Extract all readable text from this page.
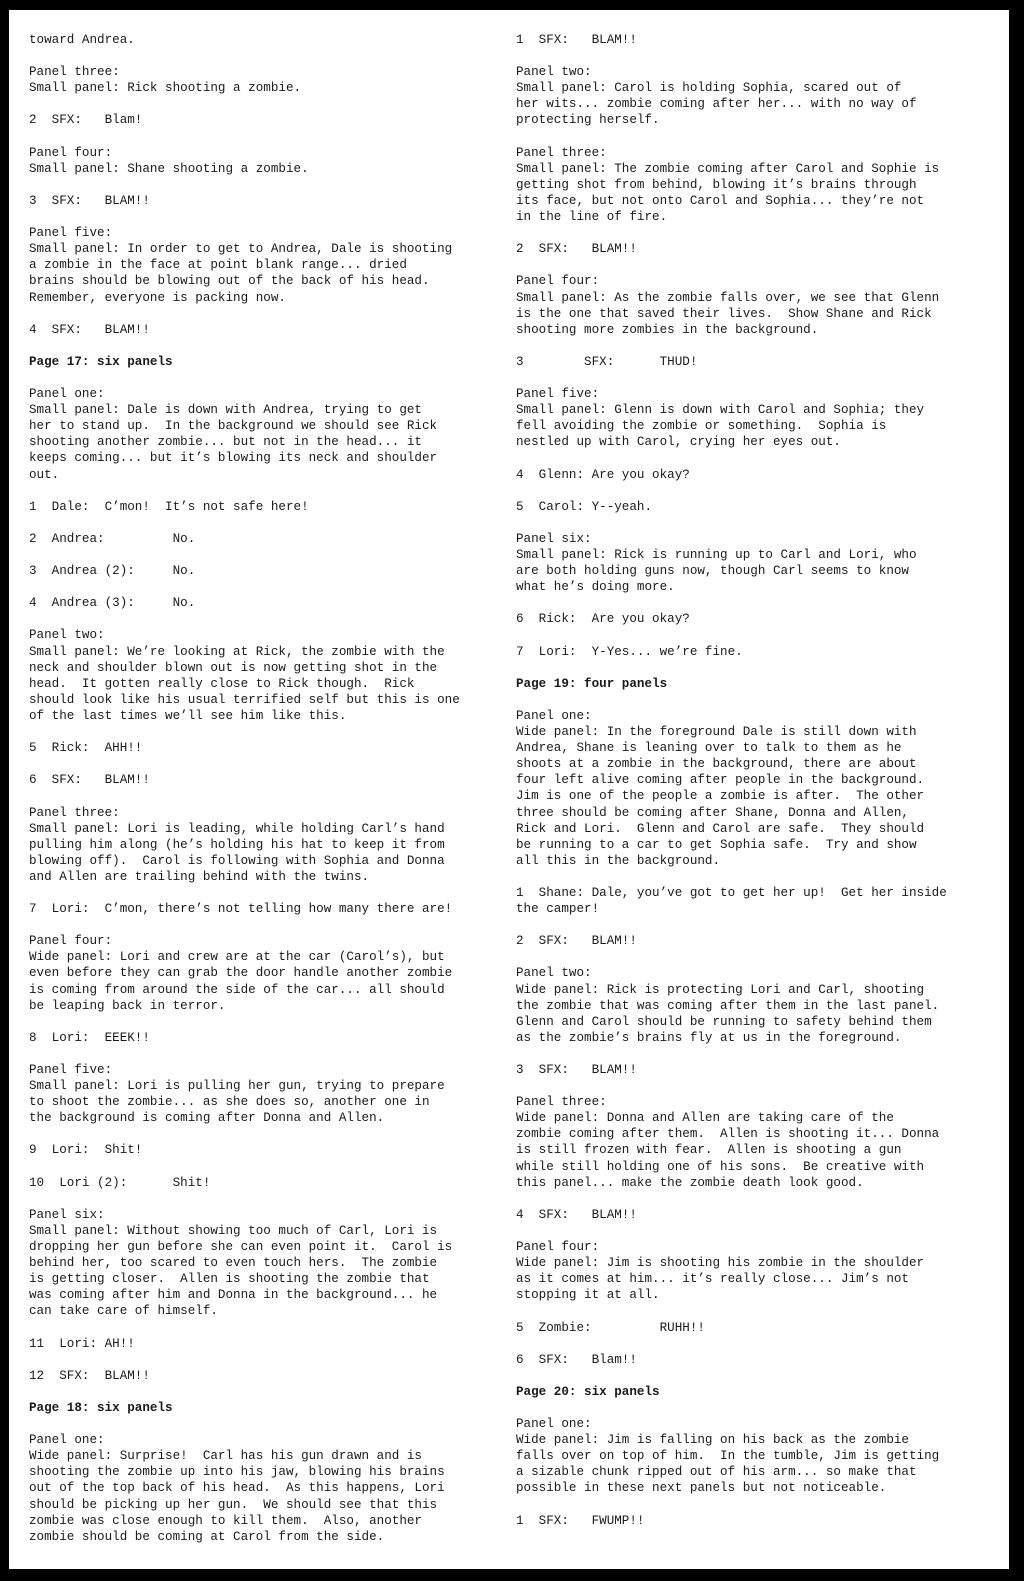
toward Andrea.
Panel three:
Small panel: Rick shooting a zombie.
2  SFX:   Blam!
Panel four:
Small panel: Shane shooting a zombie.
3  SFX:   BLAM!!
Panel five:
Small panel: In order to get to Andrea, Dale is shooting
a zombie in the face at point blank range... dried
brains should be blowing out of the back of his head.
Remember, everyone is packing now.
4  SFX:   BLAM!!
Page 17: six panels
Panel one:
Small panel: Dale is down with Andrea, trying to get
her to stand up.  In the background we should see Rick
shooting another zombie... but not in the head... it
keeps coming... but it’s blowing its neck and shoulder
out.
1  Dale:  C’mon!  It’s not safe here!
2  Andrea:         No.
3  Andrea (2):     No.
4  Andrea (3):     No.
Panel two:
Small panel: We’re looking at Rick, the zombie with the
neck and shoulder blown out is now getting shot in the
head.  It gotten really close to Rick though.  Rick
should look like his usual terrified self but this is one
of the last times we’ll see him like this.
5  Rick:  AHH!!
6  SFX:   BLAM!!
Panel three:
Small panel: Lori is leading, while holding Carl’s hand
pulling him along (he’s holding his hat to keep it from
blowing off).  Carol is following with Sophia and Donna
and Allen are trailing behind with the twins.
7  Lori:  C’mon, there’s not telling how many there are!
Panel four:
Wide panel: Lori and crew are at the car (Carol’s), but
even before they can grab the door handle another zombie
is coming from around the side of the car... all should
be leaping back in terror.
8  Lori:  EEEK!!
Panel five:
Small panel: Lori is pulling her gun, trying to prepare
to shoot the zombie... as she does so, another one in
the background is coming after Donna and Allen.
9  Lori:  Shit!
10  Lori (2):      Shit!
Panel six:
Small panel: Without showing too much of Carl, Lori is
dropping her gun before she can even point it.  Carol is
behind her, too scared to even touch hers.  The zombie
is getting closer.  Allen is shooting the zombie that
was coming after him and Donna in the background... he
can take care of himself.
11  Lori: AH!!
12  SFX:  BLAM!!
Page 18: six panels
Panel one:
Wide panel: Surprise!  Carl has his gun drawn and is
shooting the zombie up into his jaw, blowing his brains
out of the top back of his head.  As this happens, Lori
should be picking up her gun.  We should see that this
zombie was close enough to kill them.  Also, another
zombie should be coming at Carol from the side.
1  SFX:   BLAM!!
Panel two:
Small panel: Carol is holding Sophia, scared out of
her wits... zombie coming after her... with no way of
protecting herself.
Panel three:
Small panel: The zombie coming after Carol and Sophie is
getting shot from behind, blowing it’s brains through
its face, but not onto Carol and Sophia... they’re not
in the line of fire.
2  SFX:   BLAM!!
Panel four:
Small panel: As the zombie falls over, we see that Glenn
is the one that saved their lives.  Show Shane and Rick
shooting more zombies in the background.
3        SFX:      THUD!
Panel five:
Small panel: Glenn is down with Carol and Sophia; they
fell avoiding the zombie or something.  Sophia is
nestled up with Carol, crying her eyes out.
4  Glenn: Are you okay?
5  Carol: Y--yeah.
Panel six:
Small panel: Rick is running up to Carl and Lori, who
are both holding guns now, though Carl seems to know
what he’s doing more.
6  Rick:  Are you okay?
7  Lori:  Y-Yes... we’re fine.
Page 19: four panels
Panel one:
Wide panel: In the foreground Dale is still down with
Andrea, Shane is leaning over to talk to them as he
shoots at a zombie in the background, there are about
four left alive coming after people in the background.
Jim is one of the people a zombie is after.  The other
three should be coming after Shane, Donna and Allen,
Rick and Lori.  Glenn and Carol are safe.  They should
be running to a car to get Sophia safe.  Try and show
all this in the background.
1  Shane: Dale, you’ve got to get her up!  Get her inside
the camper!
2  SFX:   BLAM!!
Panel two:
Wide panel: Rick is protecting Lori and Carl, shooting
the zombie that was coming after them in the last panel.
Glenn and Carol should be running to safety behind them
as the zombie’s brains fly at us in the foreground.
3  SFX:   BLAM!!
Panel three:
Wide panel: Donna and Allen are taking care of the
zombie coming after them.  Allen is shooting it... Donna
is still frozen with fear.  Allen is shooting a gun
while still holding one of his sons.  Be creative with
this panel... make the zombie death look good.
4  SFX:   BLAM!!
Panel four:
Wide panel: Jim is shooting his zombie in the shoulder
as it comes at him... it’s really close... Jim’s not
stopping it at all.
5  Zombie:         RUHH!!
6  SFX:   Blam!!
Page 20: six panels
Panel one:
Wide panel: Jim is falling on his back as the zombie
falls over on top of him.  In the tumble, Jim is getting
a sizable chunk ripped out of his arm... so make that
possible in these next panels but not noticeable.
1  SFX:   FWUMP!!
